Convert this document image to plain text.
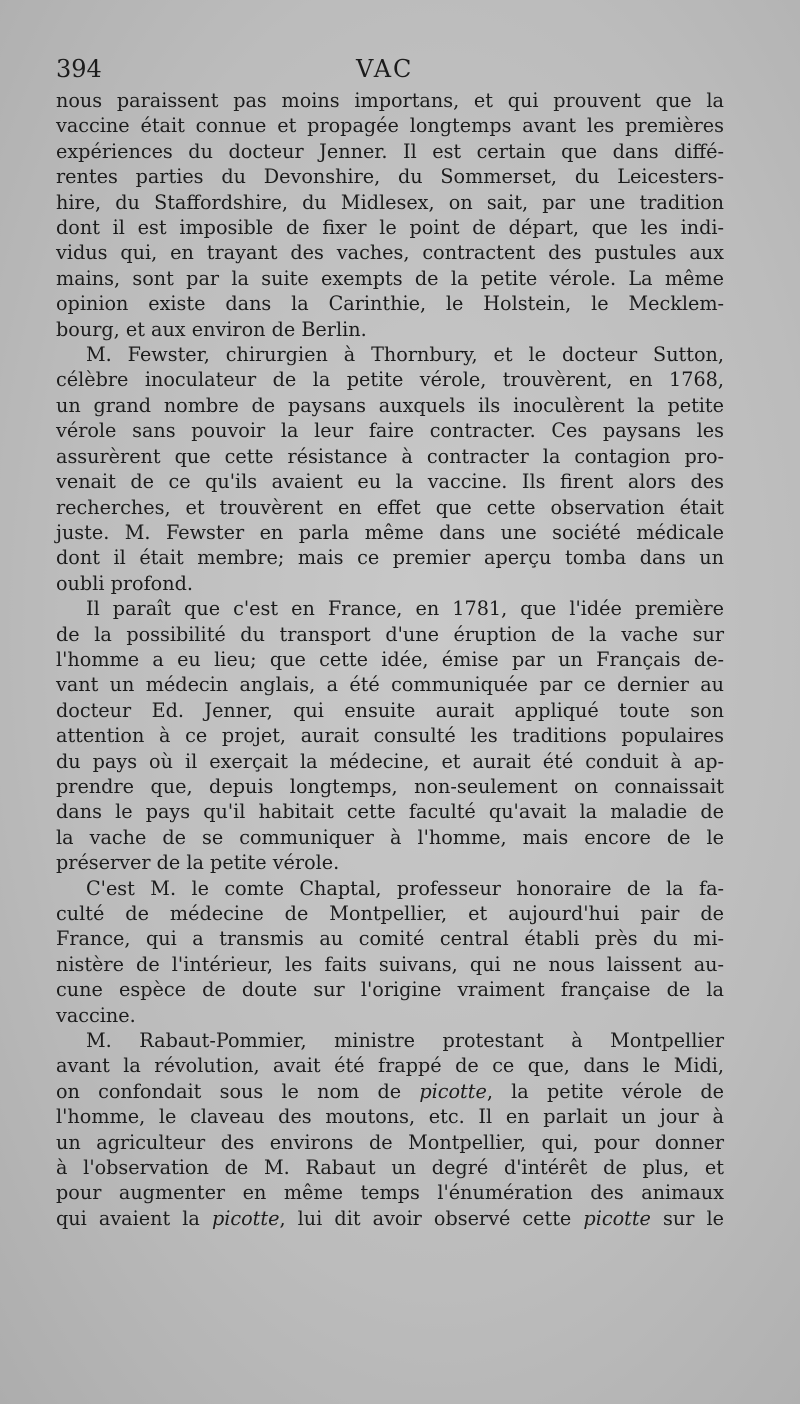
394	VAC

nous paraissent pas moins importans, et qui prouvent que la
vaccine était connue et propagée longtemps avant les premières
expériences du docteur Jenner. Il est certain que dans diffé-
rentes parties du Devonshire, du Sommerset, du Leicesters-
hire, du Staffordshire, du Midlesex, on sait, par une tradition
dont il est imposible de fixer le point de départ, que les indi-
vidus qui, en trayant des vaches, contractent des pustules aux
mains, sont par la suite exempts de la petite vérole. La même
opinion existe dans la Carinthie, le Holstein, le Mecklem-
bourg, et aux environ de Berlin.

M. Fewster, chirurgien à Thornbury, et le docteur Sutton,
célèbre inoculateur de la petite vérole, trouvèrent, en 1768,
un grand nombre de paysans auxquels ils inoculèrent la petite
vérole sans pouvoir la leur faire contracter. Ces paysans les
assurèrent que cette résistance à contracter la contagion pro-
venait de ce qu'ils avaient eu la vaccine. Ils firent alors des
recherches, et trouvèrent en effet que cette observation était
juste. M. Fewster en parla même dans une société médicale
dont il était membre; mais ce premier aperçu tomba dans un
oubli profond.

Il paraît que c'est en France, en 1781, que l'idée première
de la possibilité du transport d'une éruption de la vache sur
l'homme a eu lieu; que cette idée, émise par un Français de-
vant un médecin anglais, a été communiquée par ce dernier au
docteur Ed. Jenner, qui ensuite aurait appliqué toute son
attention à ce projet, aurait consulté les traditions populaires
du pays où il exerçait la médecine, et aurait été conduit à ap-
prendre que, depuis longtemps, non-seulement on connaissait
dans le pays qu'il habitait cette faculté qu'avait la maladie de
la vache de se communiquer à l'homme, mais encore de le
préserver de la petite vérole.

C'est M. le comte Chaptal, professeur honoraire de la fa-
culté de médecine de Montpellier, et aujourd'hui pair de
France, qui a transmis au comité central établi près du mi-
nistère de l'intérieur, les faits suivans, qui ne nous laissent au-
cune espèce de doute sur l'origine vraiment française de la
vaccine.

M. Rabaut-Pommier, ministre protestant à Montpellier
avant la révolution, avait été frappé de ce que, dans le Midi,
on confondait sous le nom de picotte, la petite vérole de
l'homme, le claveau des moutons, etc. Il en parlait un jour à
un agriculteur des environs de Montpellier, qui, pour donner
à l'observation de M. Rabaut un degré d'intérêt de plus, et
pour augmenter en même temps l'énumération des animaux
qui avaient la picotte, lui dit avoir observé cette picotte sur le
